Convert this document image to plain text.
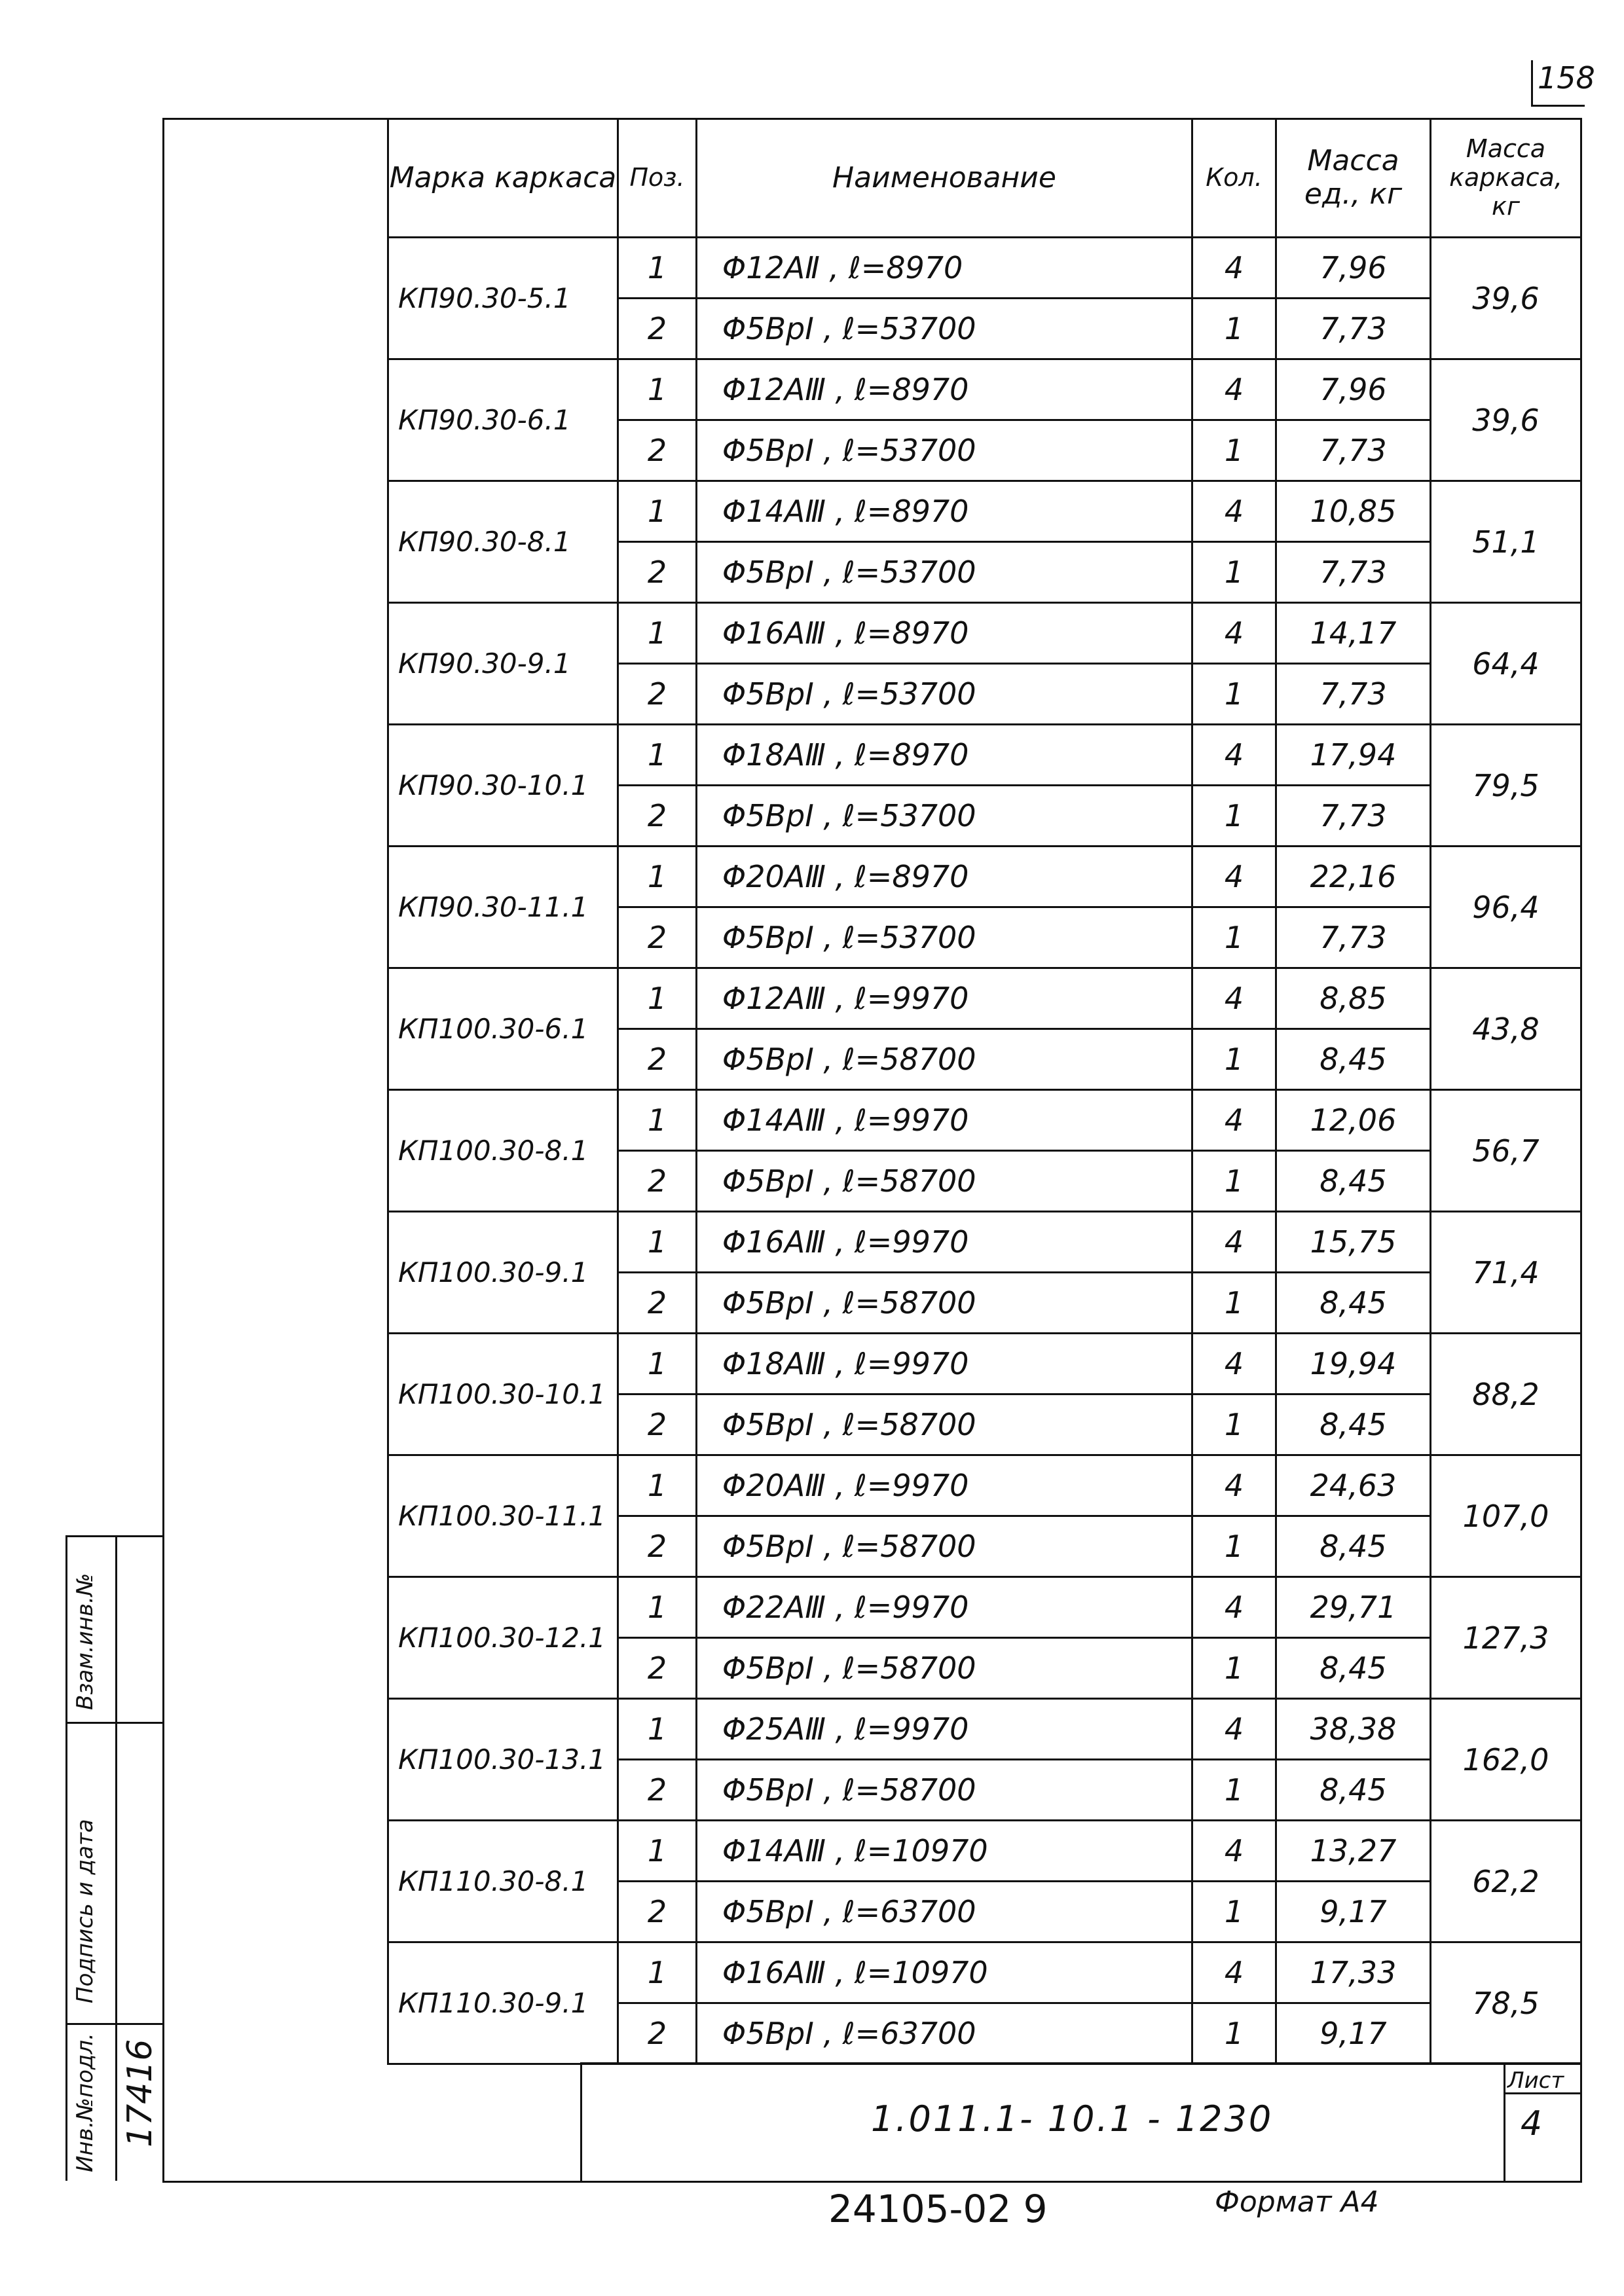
158
Марка каркаса	Поз.	Наименование	Кол.	Масса ед., кг	Масса каркаса, кг
КП90.30-5.1	1	Φ12AⅡ , ℓ=8970	4	7,96	39,6
	2	Φ5BpⅠ , ℓ=53700	1	7,73	
КП90.30-6.1	1	Φ12AⅢ , ℓ=8970	4	7,96	39,6
	2	Φ5BpⅠ , ℓ=53700	1	7,73	
КП90.30-8.1	1	Φ14AⅢ , ℓ=8970	4	10,85	51,1
	2	Φ5BpⅠ , ℓ=53700	1	7,73	
КП90.30-9.1	1	Φ16AⅢ , ℓ=8970	4	14,17	64,4
	2	Φ5BpⅠ , ℓ=53700	1	7,73	
КП90.30-10.1	1	Φ18AⅢ , ℓ=8970	4	17,94	79,5
	2	Φ5BpⅠ , ℓ=53700	1	7,73	
КП90.30-11.1	1	Φ20AⅢ , ℓ=8970	4	22,16	96,4
	2	Φ5BpⅠ , ℓ=53700	1	7,73	
КП100.30-6.1	1	Φ12AⅢ , ℓ=9970	4	8,85	43,8
	2	Φ5BpⅠ , ℓ=58700	1	8,45	
КП100.30-8.1	1	Φ14AⅢ , ℓ=9970	4	12,06	56,7
	2	Φ5BpⅠ , ℓ=58700	1	8,45	
КП100.30-9.1	1	Φ16AⅢ , ℓ=9970	4	15,75	71,4
	2	Φ5BpⅠ , ℓ=58700	1	8,45	
КП100.30-10.1	1	Φ18AⅢ , ℓ=9970	4	19,94	88,2
	2	Φ5BpⅠ , ℓ=58700	1	8,45	
КП100.30-11.1	1	Φ20AⅢ , ℓ=9970	4	24,63	107,0
	2	Φ5BpⅠ , ℓ=58700	1	8,45	
КП100.30-12.1	1	Φ22AⅢ , ℓ=9970	4	29,71	127,3
	2	Φ5BpⅠ , ℓ=58700	1	8,45	
КП100.30-13.1	1	Φ25AⅢ , ℓ=9970	4	38,38	162,0
	2	Φ5BpⅠ , ℓ=58700	1	8,45	
КП110.30-8.1	1	Φ14AⅢ , ℓ=10970	4	13,27	62,2
	2	Φ5BpⅠ , ℓ=63700	1	9,17	
КП110.30-9.1	1	Φ16AⅢ , ℓ=10970	4	17,33	78,5
	2	Φ5BpⅠ , ℓ=63700	1	9,17	
1.011.1- 10.1 - 1230
Лист
4
Взам.инв.№
Подпись и дата
Инв.№подл. 17416
24105-02 9	Формат А4
